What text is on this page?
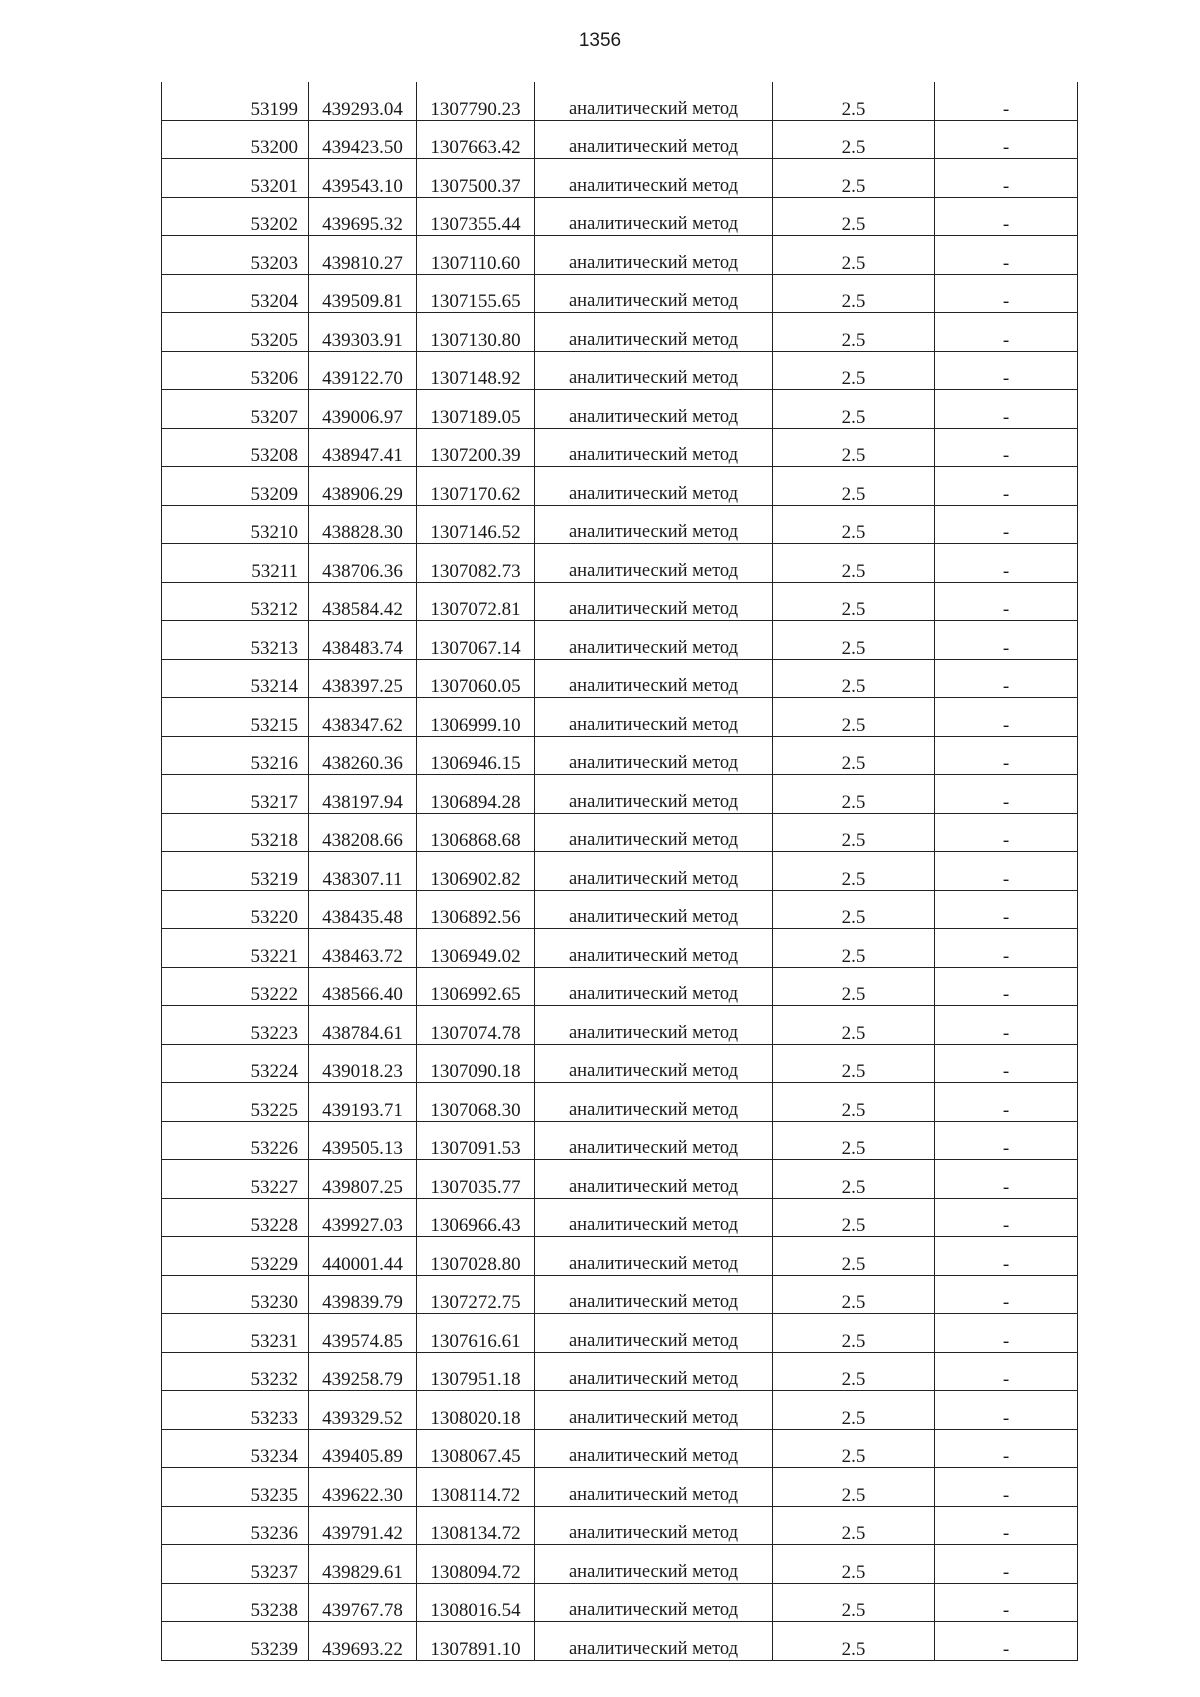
1356
53199	439293.04	1307790.23	аналитический метод	2.5	-
53200	439423.50	1307663.42	аналитический метод	2.5	-
53201	439543.10	1307500.37	аналитический метод	2.5	-
53202	439695.32	1307355.44	аналитический метод	2.5	-
53203	439810.27	1307110.60	аналитический метод	2.5	-
53204	439509.81	1307155.65	аналитический метод	2.5	-
53205	439303.91	1307130.80	аналитический метод	2.5	-
53206	439122.70	1307148.92	аналитический метод	2.5	-
53207	439006.97	1307189.05	аналитический метод	2.5	-
53208	438947.41	1307200.39	аналитический метод	2.5	-
53209	438906.29	1307170.62	аналитический метод	2.5	-
53210	438828.30	1307146.52	аналитический метод	2.5	-
53211	438706.36	1307082.73	аналитический метод	2.5	-
53212	438584.42	1307072.81	аналитический метод	2.5	-
53213	438483.74	1307067.14	аналитический метод	2.5	-
53214	438397.25	1307060.05	аналитический метод	2.5	-
53215	438347.62	1306999.10	аналитический метод	2.5	-
53216	438260.36	1306946.15	аналитический метод	2.5	-
53217	438197.94	1306894.28	аналитический метод	2.5	-
53218	438208.66	1306868.68	аналитический метод	2.5	-
53219	438307.11	1306902.82	аналитический метод	2.5	-
53220	438435.48	1306892.56	аналитический метод	2.5	-
53221	438463.72	1306949.02	аналитический метод	2.5	-
53222	438566.40	1306992.65	аналитический метод	2.5	-
53223	438784.61	1307074.78	аналитический метод	2.5	-
53224	439018.23	1307090.18	аналитический метод	2.5	-
53225	439193.71	1307068.30	аналитический метод	2.5	-
53226	439505.13	1307091.53	аналитический метод	2.5	-
53227	439807.25	1307035.77	аналитический метод	2.5	-
53228	439927.03	1306966.43	аналитический метод	2.5	-
53229	440001.44	1307028.80	аналитический метод	2.5	-
53230	439839.79	1307272.75	аналитический метод	2.5	-
53231	439574.85	1307616.61	аналитический метод	2.5	-
53232	439258.79	1307951.18	аналитический метод	2.5	-
53233	439329.52	1308020.18	аналитический метод	2.5	-
53234	439405.89	1308067.45	аналитический метод	2.5	-
53235	439622.30	1308114.72	аналитический метод	2.5	-
53236	439791.42	1308134.72	аналитический метод	2.5	-
53237	439829.61	1308094.72	аналитический метод	2.5	-
53238	439767.78	1308016.54	аналитический метод	2.5	-
53239	439693.22	1307891.10	аналитический метод	2.5	-
